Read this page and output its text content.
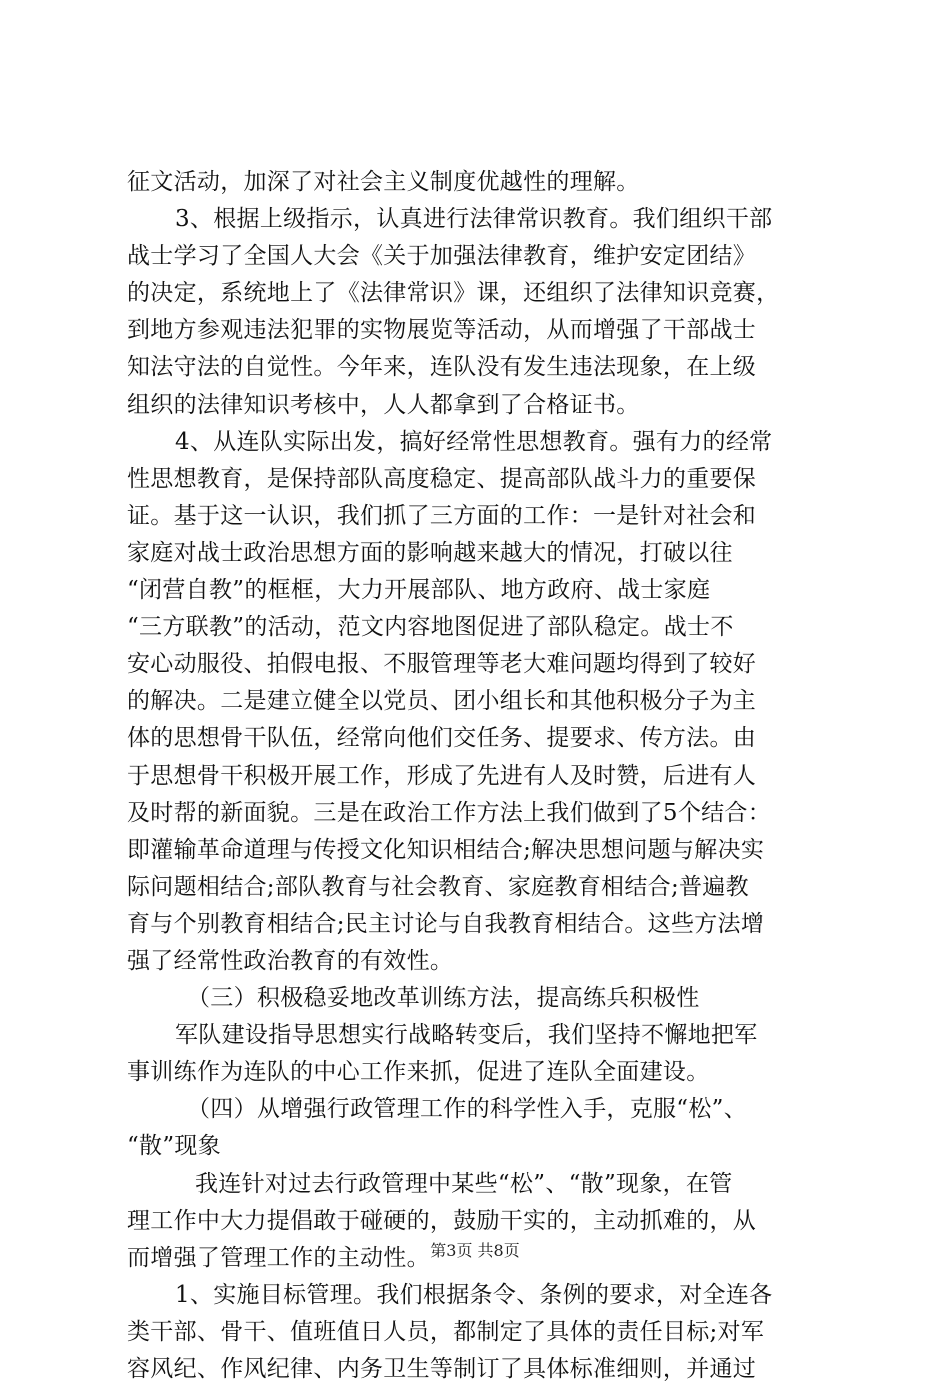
征文活动，加深了对社会主义制度优越性的理解。
3、根据上级指示，认真进行法律常识教育。我们组织干部
战士学习了全国人大会《关于加强法律教育，维护安定团结》
的决定，系统地上了《法律常识》课，还组织了法律知识竞赛，
到地方参观违法犯罪的实物展览等活动，从而增强了干部战士
知法守法的自觉性。今年来，连队没有发生违法现象，在上级
组织的法律知识考核中，人人都拿到了合格证书。
4、从连队实际出发，搞好经常性思想教育。强有力的经常
性思想教育，是保持部队高度稳定、提高部队战斗力的重要保
证。基于这一认识，我们抓了三方面的工作：一是针对社会和
家庭对战士政治思想方面的影响越来越大的情况，打破以往
“闭营自教”的框框，大力开展部队、地方政府、战士家庭
“三方联教”的活动，范文内容地图促进了部队稳定。战士不
安心动服役、拍假电报、不服管理等老大难问题均得到了较好
的解决。二是建立健全以党员、团小组长和其他积极分子为主
体的思想骨干队伍，经常向他们交任务、提要求、传方法。由
于思想骨干积极开展工作，形成了先进有人及时赞，后进有人
及时帮的新面貌。三是在政治工作方法上我们做到了5个结合：
即灌输革命道理与传授文化知识相结合;解决思想问题与解决实
际问题相结合;部队教育与社会教育、家庭教育相结合;普遍教
育与个别教育相结合;民主讨论与自我教育相结合。这些方法增
强了经常性政治教育的有效性。
（三）积极稳妥地改革训练方法，提高练兵积极性
军队建设指导思想实行战略转变后，我们坚持不懈地把军
事训练作为连队的中心工作来抓，促进了连队全面建设。
（四）从增强行政管理工作的科学性入手，克服“松”、
“散”现象
我连针对过去行政管理中某些“松”、“散”现象，在管
理工作中大力提倡敢于碰硬的，鼓励干实的，主动抓难的，从
而增强了管理工作的主动性。
1、实施目标管理。我们根据条令、条例的要求，对全连各
类干部、骨干、值班值日人员，都制定了具体的责任目标;对军
容风纪、作风纪律、内务卫生等制订了具体标准细则，并通过
第3页 共8页
